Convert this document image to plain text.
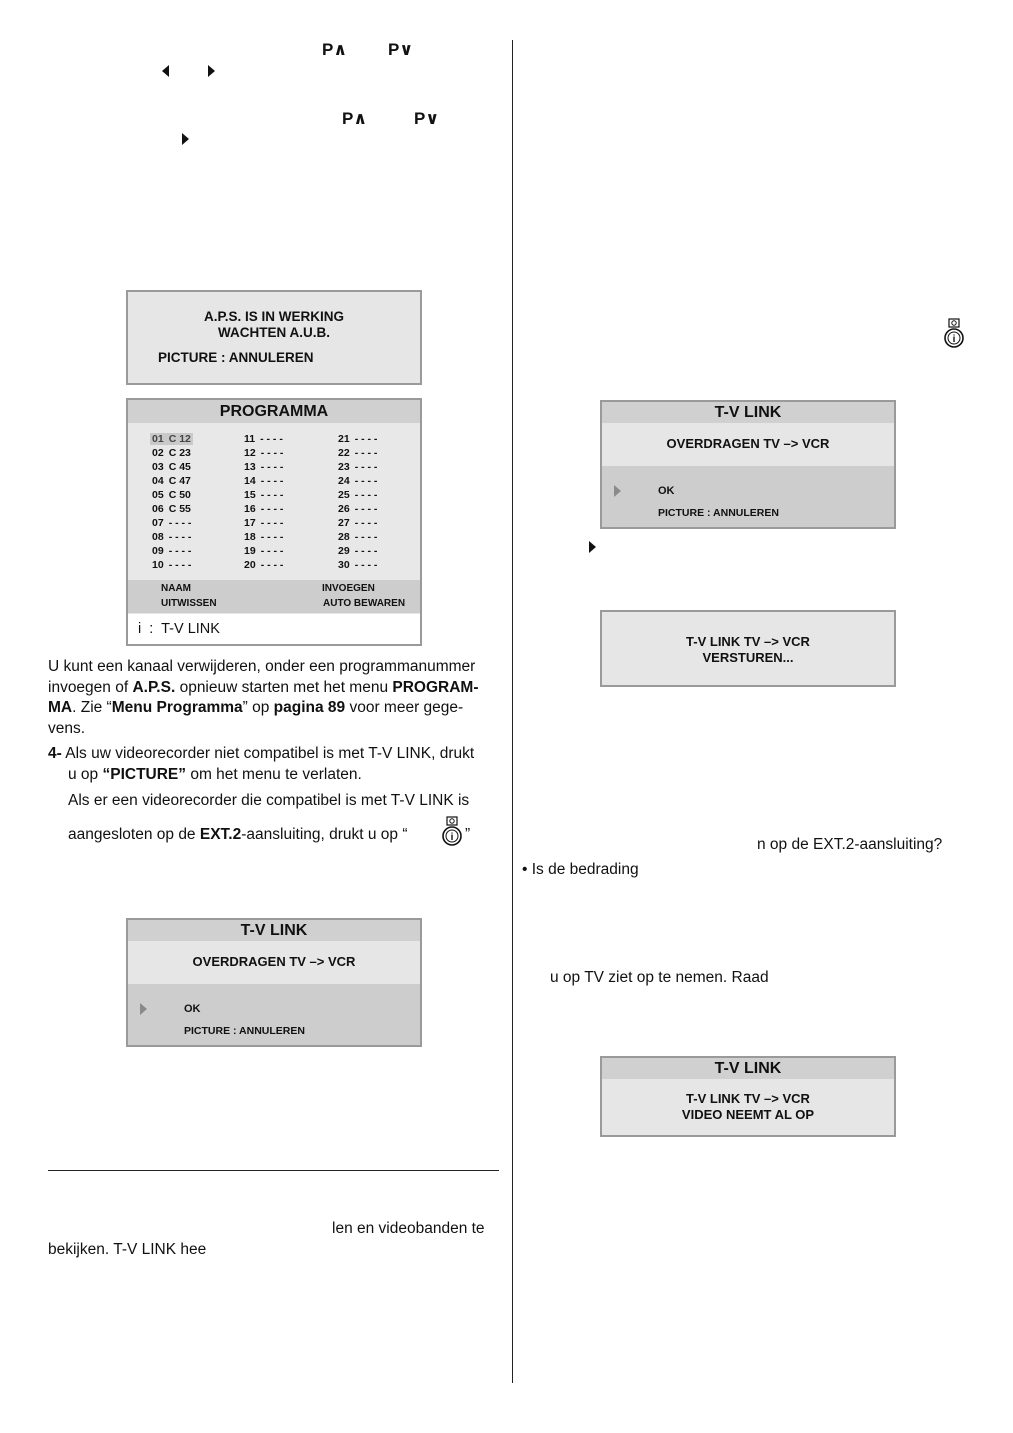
P∧ P∨
P∧	P∨
A.P.S. IS IN WERKING
WACHTEN A.U.B.
PICTURE : ANNULEREN
PROGRAMMA
01 C 12
02 C 23
03 C 45
04 C 47
05 C 50
06 C 55
07 - - - -
08 - - - -
09 - - - -
10 - - - -
11 - - - -
12 - - - -
13 - - - -
14 - - - -
15 - - - -
16 - - - -
17 - - - -
18 - - - -
19 - - - -
20 - - - -
21 - - - -
22 - - - -
23 - - - -
24 - - - -
25 - - - -
26 - - - -
27 - - - -
28 - - - -
29 - - - -
30 - - - -
NAAM
UITWISSEN
INVOEGEN
AUTO BEWAREN
i  :  T-V LINK
U kunt een kanaal verwijderen, onder een programmanummer
invoegen of A.P.S. opnieuw starten met het menu PROGRAM-
MA. Zie “Menu Programma” op pagina 89 voor meer gege-
vens.
4- Als uw videorecorder niet compatibel is met T-V LINK, drukt
u op “PICTURE” om het menu te verlaten.
Als er een videorecorder die compatibel is met T-V LINK is
aangesloten op de EXT.2-aansluiting, drukt u op “	i ”
T-V LINK
OVERDRAGEN TV –> VCR
OK
PICTURE : ANNULEREN
len en videobanden te
bekijken. T-V LINK hee
i
T-V LINK
OVERDRAGEN TV –> VCR
OK
PICTURE : ANNULEREN
T-V LINK TV –> VCR
VERSTUREN...
n op de EXT.2-aansluiting?
• Is de bedrading
u op TV ziet op te nemen. Raad
T-V LINK
T-V LINK TV –> VCR
VIDEO NEEMT AL OP
